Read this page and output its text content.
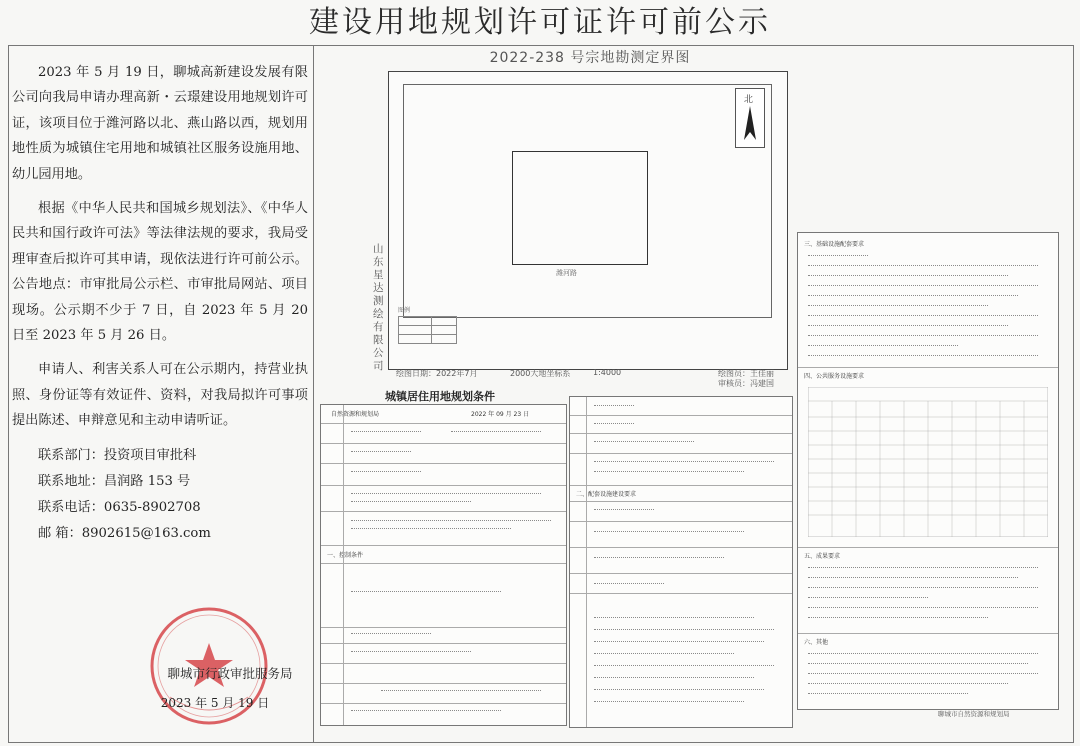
建设用地规划许可证许可前公示

2023 年 5 月 19 日，聊城高新建设发展有限公司向我局申请办理高新・云璟建设用地规划许可证，该项目位于潍河路以北、燕山路以西，规划用地性质为城镇住宅用地和城镇社区服务设施用地、幼儿园用地。

根据《中华人民共和国城乡规划法》、《中华人民共和国行政许可法》等法律法规的要求，我局受理审查后拟许可其申请，现依法进行许可前公示。公告地点：市审批局公示栏、市审批局网站、项目现场。公示期不少于 7 日，自 2023 年 5 月 20 日至 2023 年 5 月 26 日。

申请人、利害关系人可在公示期内，持营业执照、身份证等有效证件、资料，对我局拟许可事项提出陈述、申辩意见和主动申请听证。

联系部门：投资项目审批科

联系地址：昌润路 153 号

联系电话：0635-8902708

邮 箱：8902615@163.com

聊城市行政审批服务局
2023 年 5 月 19 日
2022-238 号宗地勘测定界图
北
潍河路
山东星达测绘有限公司
图例

绘图日期：2022年7月	2000大地坐标系	1:4000	绘图员：王佳丽
审核员：冯建国
城镇居住用地规划条件
自然资源和规划局	2022 年 09 月 23 日
一、控制条件
二、配套设施建设要求
三、基础设施配套要求
四、公共服务设施要求
五、成果要求
六、其他
聊城市自然资源和规划局
